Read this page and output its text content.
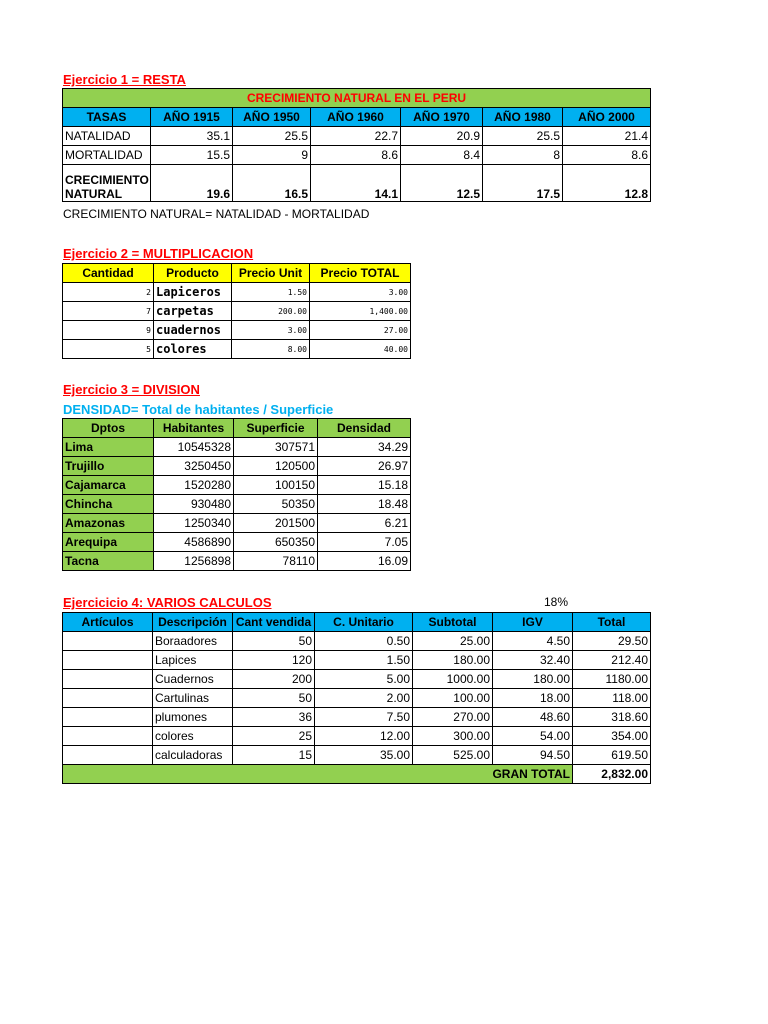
Ejercicio 1 = RESTA
CRECIMIENTO NATURAL EN EL PERU						
TASAS	AÑO 1915	AÑO 1950	AÑO 1960	AÑO 1970	AÑO 1980	AÑO 2000
NATALIDAD	35.1	25.5	22.7	20.9	25.5	21.4
MORTALIDAD	15.5	9	8.6	8.4	8	8.6
CRECIMIENTO
NATURAL	19.6	16.5	14.1	12.5	17.5	12.8
CRECIMIENTO NATURAL= NATALIDAD - MORTALIDAD
Ejercicio 2 = MULTIPLICACION
Cantidad	Producto	Precio Unit	Precio TOTAL
2	Lapiceros	1.50	3.00
7	carpetas	200.00	1,400.00
9	cuadernos	3.00	27.00
5	colores	8.00	40.00
Ejercicio 3 = DIVISION
DENSIDAD= Total de habitantes / Superficie
Dptos	Habitantes	Superficie	Densidad
Lima	10545328	307571	34.29
Trujillo	3250450	120500	26.97
Cajamarca	1520280	100150	15.18
Chincha	930480	50350	18.48
Amazonas	1250340	201500	6.21
Arequipa	4586890	650350	7.05
Tacna	1256898	78110	16.09
Ejercicicio 4: VARIOS CALCULOS	18%
Artículos	Descripción	Cant vendida	C. Unitario	Subtotal	IGV	Total
	Boraadores	50	0.50	25.00	4.50	29.50
	Lapices	120	1.50	180.00	32.40	212.40
	Cuadernos	200	5.00	1000.00	180.00	1180.00
	Cartulinas	50	2.00	100.00	18.00	118.00
	plumones	36	7.50	270.00	48.60	318.60
	colores	25	12.00	300.00	54.00	354.00
	calculadoras	15	35.00	525.00	94.50	619.50
GRAN TOTAL						2,832.00
